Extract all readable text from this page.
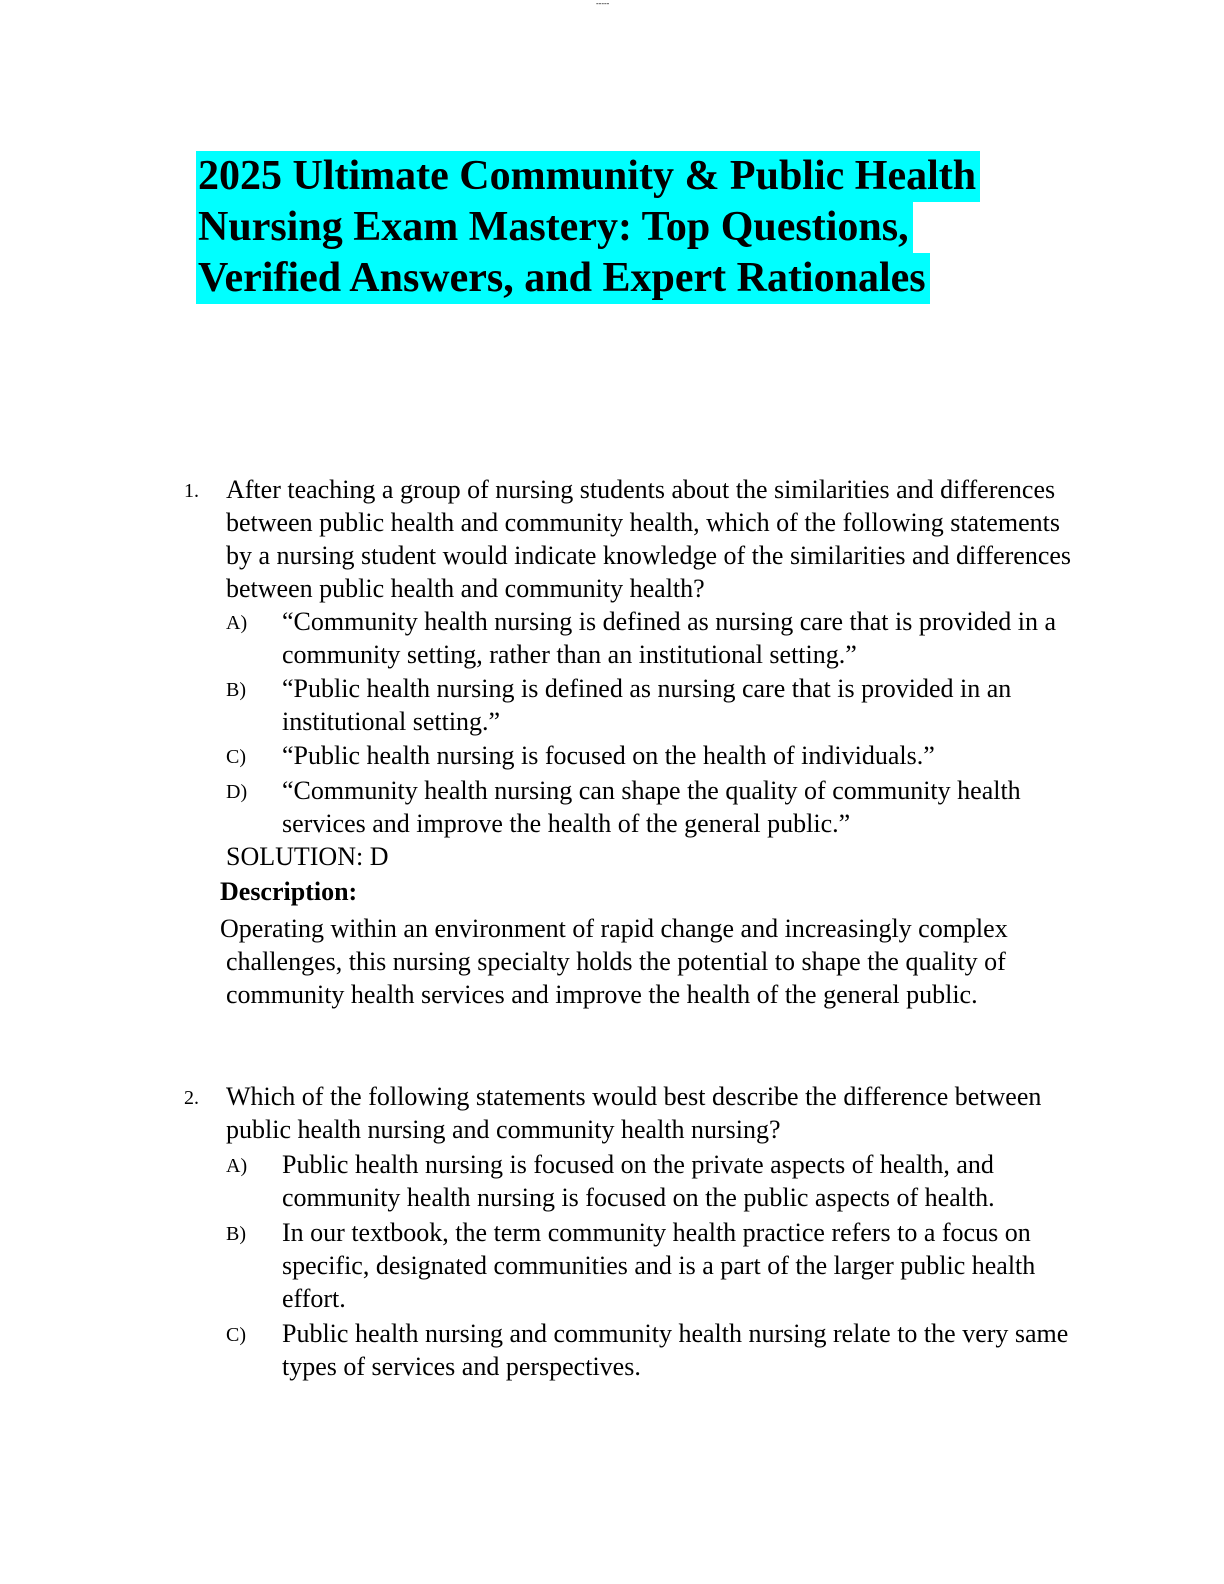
-----
2025 Ultimate Community & Public Health
Nursing Exam Mastery: Top Questions,
Verified Answers, and Expert Rationales
1. After teaching a group of nursing students about the similarities and differences between public health and community health, which of the following statements by a nursing student would indicate knowledge of the similarities and differences between public health and community health?
A) “Community health nursing is defined as nursing care that is provided in a community setting, rather than an institutional setting.”
B) “Public health nursing is defined as nursing care that is provided in an institutional setting.”
C) “Public health nursing is focused on the health of individuals.”
D) “Community health nursing can shape the quality of community health services and improve the health of the general public.”
SOLUTION: D
Description:
Operating within an environment of rapid change and increasingly complex
challenges, this nursing specialty holds the potential to shape the quality of
community health services and improve the health of the general public.
2. Which of the following statements would best describe the difference between public health nursing and community health nursing?
A) Public health nursing is focused on the private aspects of health, and community health nursing is focused on the public aspects of health.
B) In our textbook, the term community health practice refers to a focus on specific, designated communities and is a part of the larger public health effort.
C) Public health nursing and community health nursing relate to the very same types of services and perspectives.
